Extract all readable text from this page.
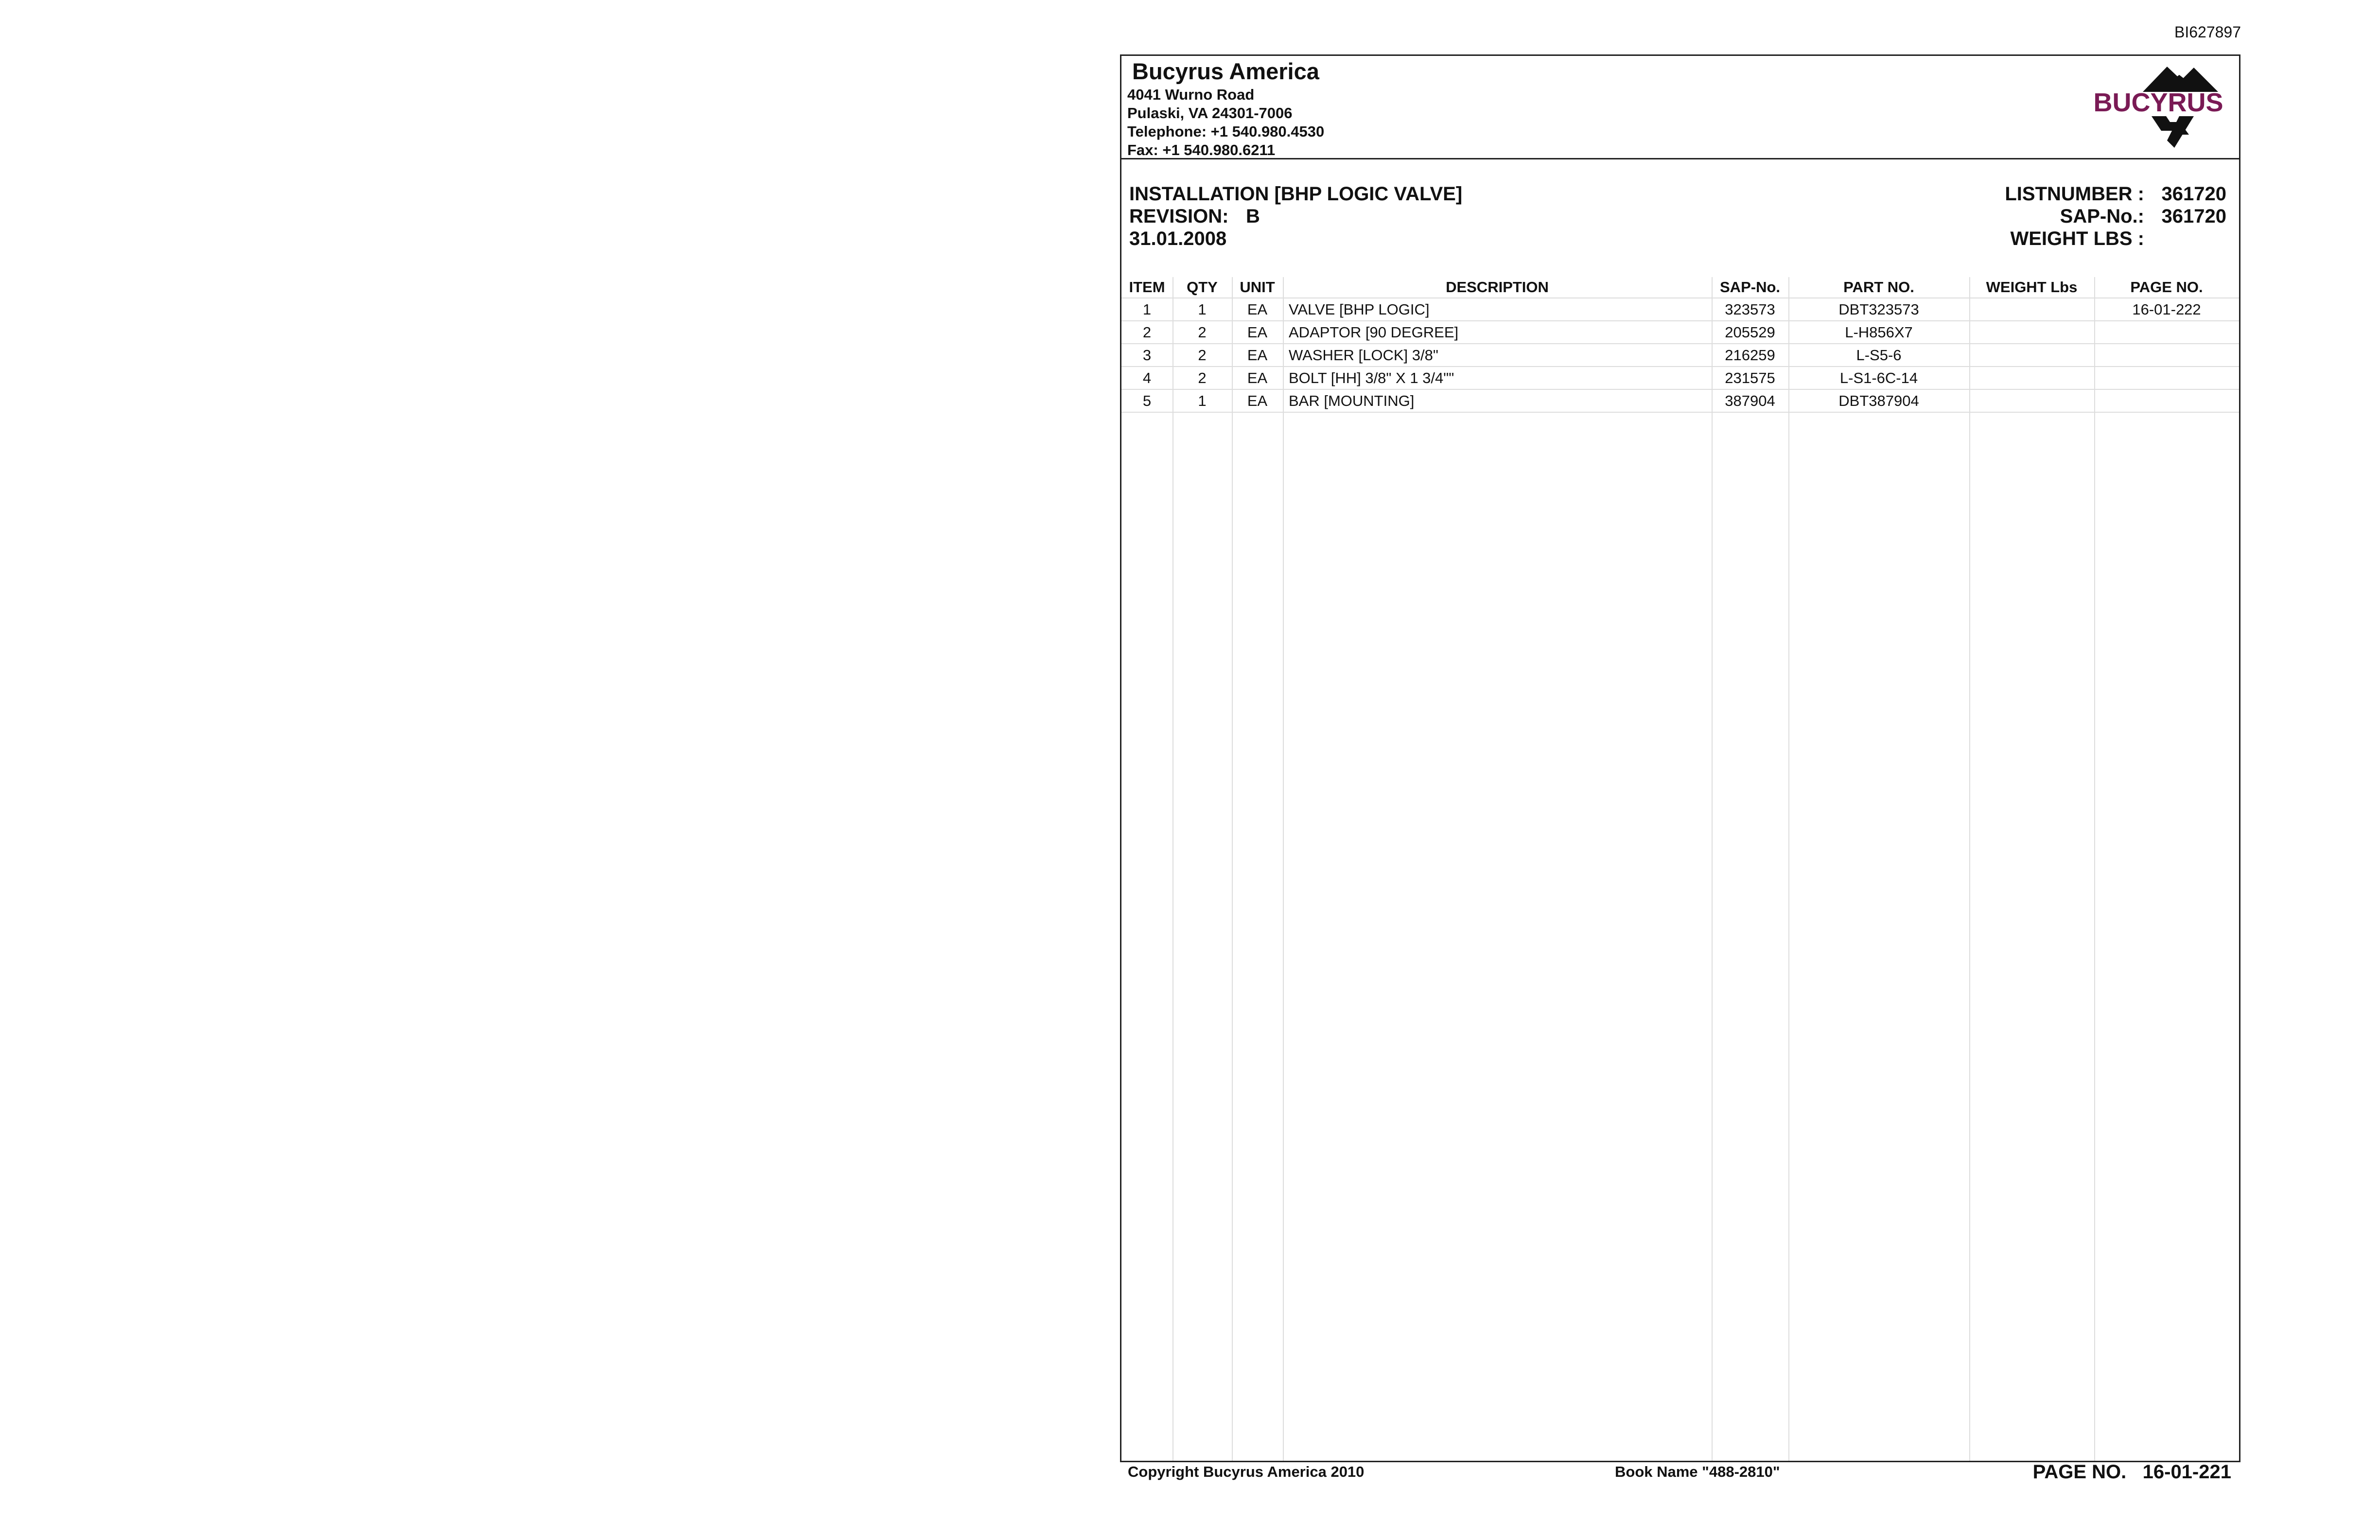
BI627897
Bucyrus America
4041 Wurno Road
Pulaski, VA 24301-7006
Telephone: +1 540.980.4530
Fax: +1 540.980.6211
BUCYRUS
INSTALLATION [BHP LOGIC VALVE]
REVISION: B
31.01.2008
LISTNUMBER : 361720
SAP-No.: 361720
WEIGHT LBS :
ITEM	QTY	UNIT	DESCRIPTION	SAP-No.	PART NO.	WEIGHT Lbs	PAGE NO.
1	1	EA	VALVE [BHP LOGIC]	323573	DBT323573		16-01-222
2	2	EA	ADAPTOR [90 DEGREE]	205529	L-H856X7		
3	2	EA	WASHER [LOCK] 3/8"	216259	L-S5-6		
4	2	EA	BOLT [HH] 3/8" X 1 3/4""	231575	L-S1-6C-14		
5	1	EA	BAR [MOUNTING]	387904	DBT387904		
Copyright Bucyrus America 2010	Book Name "488-2810"	PAGE NO. 16-01-221
